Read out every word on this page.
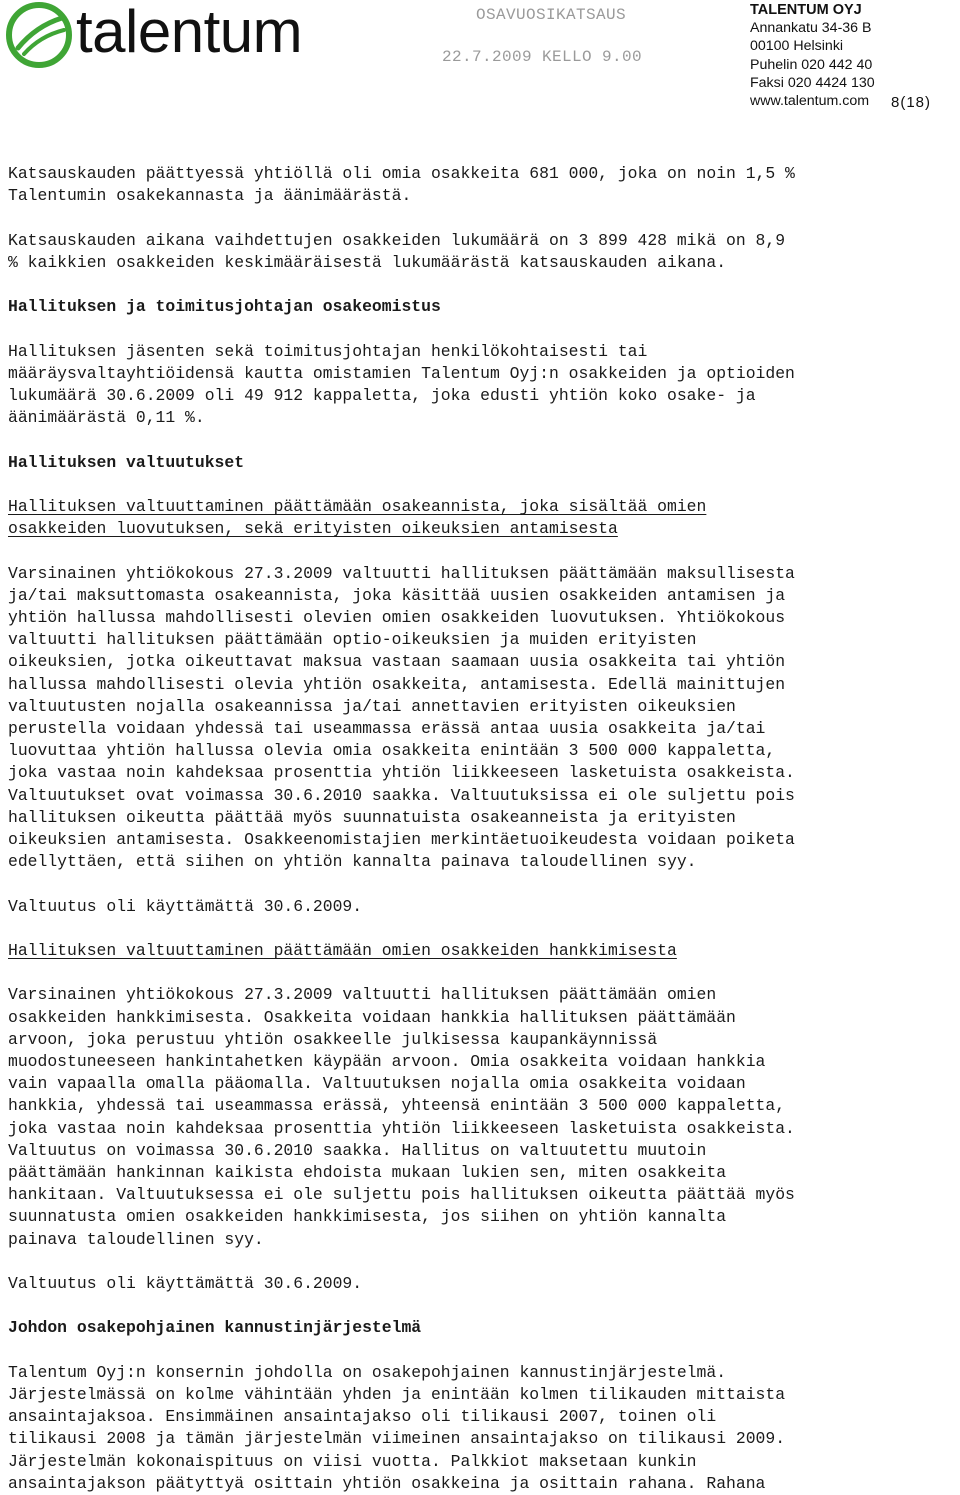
talentum	OSAVUOSIKATSAUS
22.7.2009 KELLO 9.00
TALENTUM OYJ
Annankatu 34-36 B
00100 Helsinki
Puhelin 020 442 40
Faksi 020 4424 130
www.talentum.com	8(18)

Katsauskauden päättyessä yhtiöllä oli omia osakkeita 681 000, joka on noin 1,5 %

Talentumin osakekannasta ja äänimäärästä.

Katsauskauden aikana vaihdettujen osakkeiden lukumäärä on 3 899 428 mikä on 8,9

% kaikkien osakkeiden keskimääräisestä lukumäärästä katsauskauden aikana.

Hallituksen ja toimitusjohtajan osakeomistus

Hallituksen jäsenten sekä toimitusjohtajan henkilökohtaisesti tai

määräysvaltayhtiöidensä kautta omistamien Talentum Oyj:n osakkeiden ja optioiden

lukumäärä 30.6.2009 oli 49 912 kappaletta, joka edusti yhtiön koko osake- ja

äänimäärästä 0,11 %.

Hallituksen valtuutukset

Hallituksen valtuuttaminen päättämään osakeannista, joka sisältää omien

osakkeiden luovutuksen, sekä erityisten oikeuksien antamisesta

Varsinainen yhtiökokous 27.3.2009 valtuutti hallituksen päättämään maksullisesta

ja/tai maksuttomasta osakeannista, joka käsittää uusien osakkeiden antamisen ja

yhtiön hallussa mahdollisesti olevien omien osakkeiden luovutuksen. Yhtiökokous

valtuutti hallituksen päättämään optio-oikeuksien ja muiden erityisten

oikeuksien, jotka oikeuttavat maksua vastaan saamaan uusia osakkeita tai yhtiön

hallussa mahdollisesti olevia yhtiön osakkeita, antamisesta. Edellä mainittujen

valtuutusten nojalla osakeannissa ja/tai annettavien erityisten oikeuksien

perustella voidaan yhdessä tai useammassa erässä antaa uusia osakkeita ja/tai

luovuttaa yhtiön hallussa olevia omia osakkeita enintään 3 500 000 kappaletta,

joka vastaa noin kahdeksaa prosenttia yhtiön liikkeeseen lasketuista osakkeista.

Valtuutukset ovat voimassa 30.6.2010 saakka. Valtuutuksissa ei ole suljettu pois

hallituksen oikeutta päättää myös suunnatuista osakeanneista ja erityisten

oikeuksien antamisesta. Osakkeenomistajien merkintäetuoikeudesta voidaan poiketa

edellyttäen, että siihen on yhtiön kannalta painava taloudellinen syy.

Valtuutus oli käyttämättä 30.6.2009.

Hallituksen valtuuttaminen päättämään omien osakkeiden hankkimisesta

Varsinainen yhtiökokous 27.3.2009 valtuutti hallituksen päättämään omien

osakkeiden hankkimisesta. Osakkeita voidaan hankkia hallituksen päättämään

arvoon, joka perustuu yhtiön osakkeelle julkisessa kaupankäynnissä

muodostuneeseen hankintahetken käypään arvoon. Omia osakkeita voidaan hankkia

vain vapaalla omalla pääomalla. Valtuutuksen nojalla omia osakkeita voidaan

hankkia, yhdessä tai useammassa erässä, yhteensä enintään 3 500 000 kappaletta,

joka vastaa noin kahdeksaa prosenttia yhtiön liikkeeseen lasketuista osakkeista.

Valtuutus on voimassa 30.6.2010 saakka. Hallitus on valtuutettu muutoin

päättämään hankinnan kaikista ehdoista mukaan lukien sen, miten osakkeita

hankitaan. Valtuutuksessa ei ole suljettu pois hallituksen oikeutta päättää myös

suunnatusta omien osakkeiden hankkimisesta, jos siihen on yhtiön kannalta

painava taloudellinen syy.

Valtuutus oli käyttämättä 30.6.2009.

Johdon osakepohjainen kannustinjärjestelmä

Talentum Oyj:n konsernin johdolla on osakepohjainen kannustinjärjestelmä.

Järjestelmässä on kolme vähintään yhden ja enintään kolmen tilikauden mittaista

ansaintajaksoa. Ensimmäinen ansaintajakso oli tilikausi 2007, toinen oli

tilikausi 2008 ja tämän järjestelmän viimeinen ansaintajakso on tilikausi 2009.

Järjestelmän kokonaispituus on viisi vuotta. Palkkiot maksetaan kunkin

ansaintajakson päätyttyä osittain yhtiön osakkeina ja osittain rahana. Rahana
